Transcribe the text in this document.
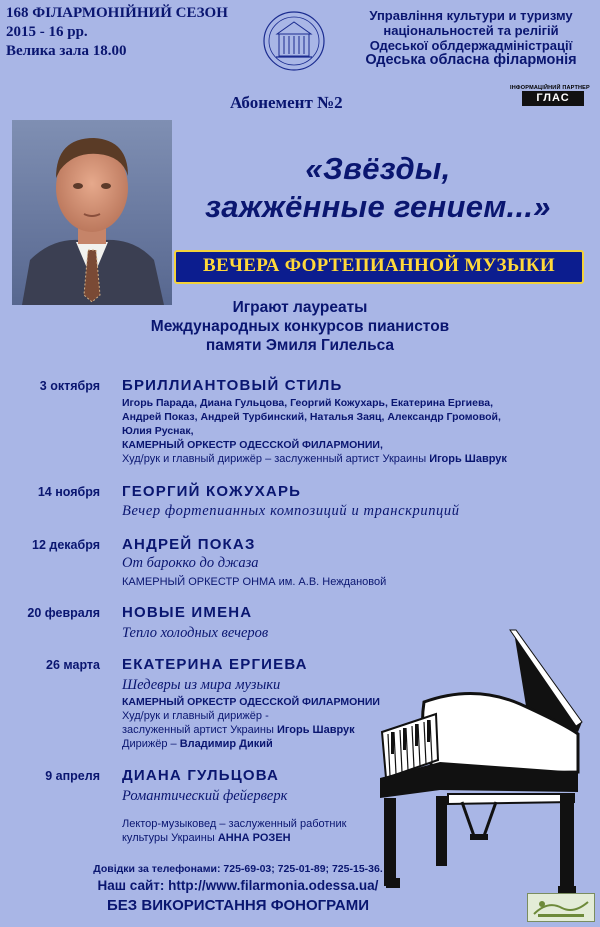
168 ФІЛАРМОНІЙНИЙ СЕЗОН
2015 - 16 рр.
Велика зала 18.00
Управління культури и туризму
національностей та релігій
Одеської облдержадміністрації
Одеська обласна філармонія
ІНФОРМАЦІЙНИЙ ПАРТНЕР
ГЛАС
Абонемент №2
«Звёзды,
зажжённые гением...»
ВЕЧЕРА ФОРТЕПИАННОЙ МУЗЫКИ
Играют лауреаты
Международных конкурсов пианистов
памяти Эмиля Гилельса
3 октября БРИЛЛИАНТОВЫЙ СТИЛЬ
Игорь Парада, Диана Гульцова, Георгий Кожухарь, Екатерина Ергиева,
Андрей Показ, Андрей Турбинский, Наталья Заяц, Александр Громовой,
Юлия Руснак,
КАМЕРНЫЙ ОРКЕСТР ОДЕССКОЙ ФИЛАРМОНИИ,
Худ/рук и главный дирижёр – заслуженный артист Украины Игорь Шаврук
14 ноября ГЕОРГИЙ КОЖУХАРЬ
Вечер фортепианных композиций и транскрипций
12 декабря АНДРЕЙ ПОКАЗ
От барокко до джаза
КАМЕРНЫЙ ОРКЕСТР ОНМА им. А.В. Неждановой
20 февраля НОВЫЕ ИМЕНА
Тепло холодных вечеров
26 марта ЕКАТЕРИНА ЕРГИЕВА
Шедевры из мира музыки
КАМЕРНЫЙ ОРКЕСТР ОДЕССКОЙ ФИЛАРМОНИИ
Худ/рук и главный дирижёр -
заслуженный артист Украины Игорь Шаврук
Дирижёр – Владимир Дикий
9 апреля ДИАНА ГУЛЬЦОВА
Романтический фейерверк
Лектор-музыковед – заслуженный работник
культуры Украины АННА РОЗЕН
Довідки за телефонами: 725-69-03; 725-01-89; 725-15-36.
Наш сайт: http://www.filarmonia.odessa.ua/
БЕЗ ВИКОРИСТАННЯ ФОНОГРАМИ
